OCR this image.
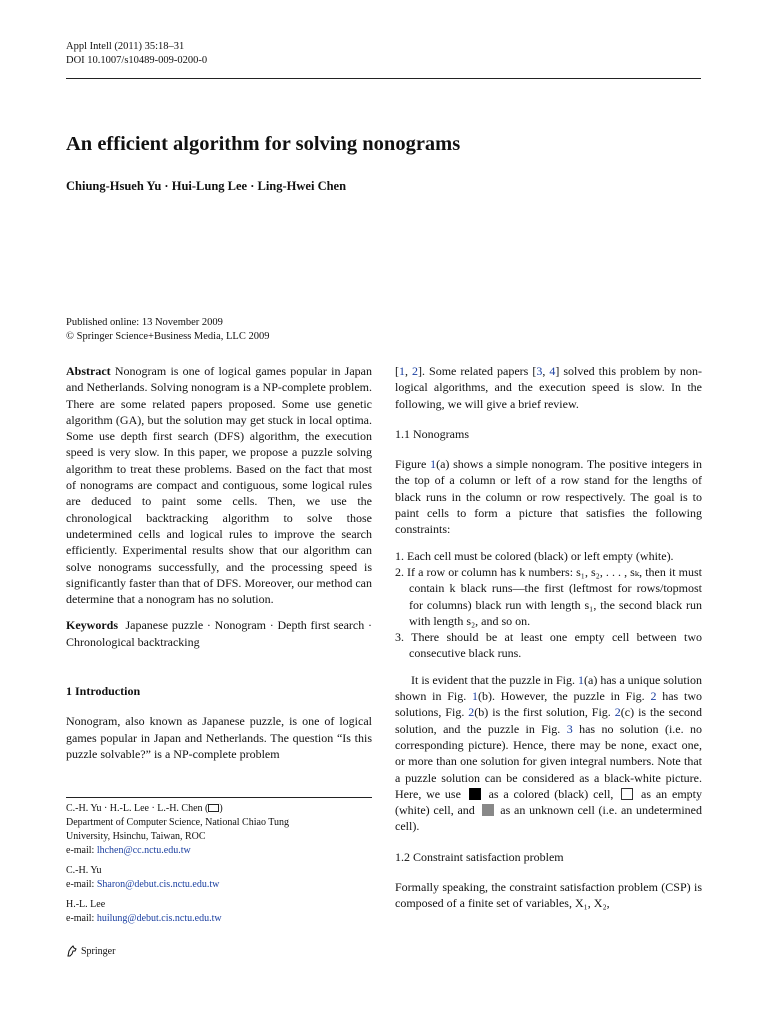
Appl Intell (2011) 35:18–31
DOI 10.1007/s10489-009-0200-0
An efficient algorithm for solving nonograms
Chiung-Hsueh Yu · Hui-Lung Lee · Ling-Hwei Chen
Published online: 13 November 2009
© Springer Science+Business Media, LLC 2009

Abstract Nonogram is one of logical games popular in Japan and Netherlands. Solving nonogram is a NP-complete problem. There are some related papers proposed. Some use genetic algorithm (GA), but the solution may get stuck in local optima. Some use depth first search (DFS) algorithm, the execution speed is very slow. In this paper, we propose a puzzle solving algorithm to treat these problems. Based on the fact that most of nonograms are compact and contiguous, some logical rules are deduced to paint some cells. Then, we use the chronological backtracking algorithm to solve those undetermined cells and logical rules to improve the search efficiently. Experimental results show that our algorithm can solve nonograms successfully, and the processing speed is significantly faster than that of DFS. Moreover, our method can determine that a nonogram has no solution.

Keywords Japanese puzzle · Nonogram · Depth first search · Chronological backtracking

1 Introduction

Nonogram, also known as Japanese puzzle, is one of logical games popular in Japan and Netherlands. The question “Is this puzzle solvable?” is a NP-complete problem

C.-H. Yu · H.-L. Lee · L.-H. Chen ( )
Department of Computer Science, National Chiao Tung
University, Hsinchu, Taiwan, ROC
e-mail: lhchen@cc.nctu.edu.tw

C.-H. Yu
e-mail: Sharon@debut.cis.nctu.edu.tw

H.-L. Lee
e-mail: huilung@debut.cis.nctu.edu.tw

Springer

[1, 2]. Some related papers [3, 4] solved this problem by non-logical algorithms, and the execution speed is slow. In the following, we will give a brief review.

1.1 Nonograms

Figure 1(a) shows a simple nonogram. The positive integers in the top of a column or left of a row stand for the lengths of black runs in the column or row respectively. The goal is to paint cells to form a picture that satisfies the following constraints:

1. Each cell must be colored (black) or left empty (white).

2. If a row or column has k numbers: s₁, s₂, . . . , sₖ, then it must contain k black runs—the first (leftmost for rows/topmost for columns) black run with length s₁, the second black run with length s₂, and so on.

3. There should be at least one empty cell between two consecutive black runs.

It is evident that the puzzle in Fig. 1(a) has a unique solution shown in Fig. 1(b). However, the puzzle in Fig. 2 has two solutions, Fig. 2(b) is the first solution, Fig. 2(c) is the second solution, and the puzzle in Fig. 3 has no solution (i.e. no corresponding picture). Hence, there may be none, exact one, or more than one solution for given integral numbers. Note that a puzzle solution can be considered as a black-white picture. Here, we use  as a colored (black) cell,  as an empty (white) cell, and  as an unknown cell (i.e. an undetermined cell).

1.2 Constraint satisfaction problem

Formally speaking, the constraint satisfaction problem (CSP) is composed of a finite set of variables, X₁, X₂,
